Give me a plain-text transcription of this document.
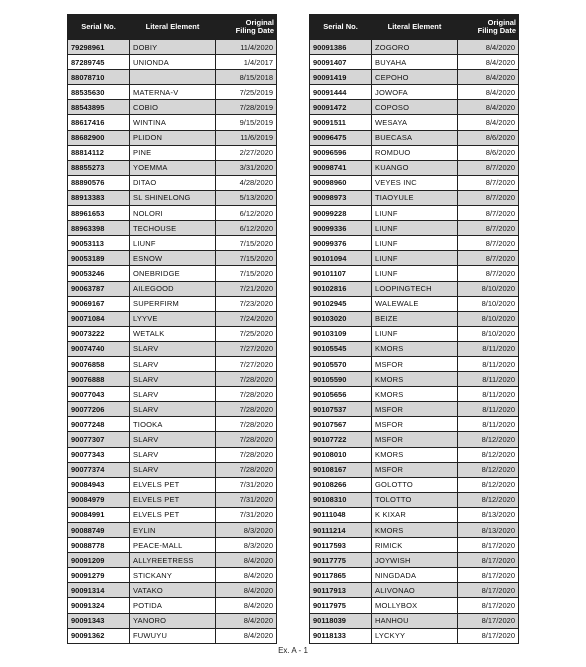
Serial No.	Literal Element	Original
Filing Date
79298961	DOBIY	11/4/2020
87289745	UNIONDA	1/4/2017
88078710		8/15/2018
88535630	MATERNA-V	7/25/2019
88543895	COBIO	7/28/2019
88617416	WINTINA	9/15/2019
88682900	PLIDON	11/6/2019
88814112	PINE	2/27/2020
88855273	YOEMMA	3/31/2020
88890576	DITAO	4/28/2020
88913383	SL SHINELONG	5/13/2020
88961653	NOLORI	6/12/2020
88963398	TECHOUSE	6/12/2020
90053113	LIUNF	7/15/2020
90053189	ESNOW	7/15/2020
90053246	ONEBRIDGE	7/15/2020
90063787	AILEGOOD	7/21/2020
90069167	SUPERFIRM	7/23/2020
90071084	LYYVE	7/24/2020
90073222	WETALK	7/25/2020
90074740	SLARV	7/27/2020
90076858	SLARV	7/27/2020
90076888	SLARV	7/28/2020
90077043	SLARV	7/28/2020
90077206	SLARV	7/28/2020
90077248	TIOOKA	7/28/2020
90077307	SLARV	7/28/2020
90077343	SLARV	7/28/2020
90077374	SLARV	7/28/2020
90084943	ELVELS PET	7/31/2020
90084979	ELVELS PET	7/31/2020
90084991	ELVELS PET	7/31/2020
90088749	EYLIN	8/3/2020
90088778	PEACE-MALL	8/3/2020
90091209	ALLYREETRESS	8/4/2020
90091279	STICKANY	8/4/2020
90091314	VATAKO	8/4/2020
90091324	POTIDA	8/4/2020
90091343	YANORO	8/4/2020
90091362	FUWUYU	8/4/2020
Serial No.	Literal Element	Original
Filing Date
90091386	ZOGORO	8/4/2020
90091407	BUYAHA	8/4/2020
90091419	CEPOHO	8/4/2020
90091444	JOWOFA	8/4/2020
90091472	COPOSO	8/4/2020
90091511	WESAYA	8/4/2020
90096475	BUECASA	8/6/2020
90096596	ROMDUO	8/6/2020
90098741	KUANGO	8/7/2020
90098960	VEYES INC	8/7/2020
90098973	TIAOYULE	8/7/2020
90099228	LIUNF	8/7/2020
90099336	LIUNF	8/7/2020
90099376	LIUNF	8/7/2020
90101094	LIUNF	8/7/2020
90101107	LIUNF	8/7/2020
90102816	LOOPINGTECH	8/10/2020
90102945	WALEWALE	8/10/2020
90103020	BEIZE	8/10/2020
90103109	LIUNF	8/10/2020
90105545	KMORS	8/11/2020
90105570	MSFOR	8/11/2020
90105590	KMORS	8/11/2020
90105656	KMORS	8/11/2020
90107537	MSFOR	8/11/2020
90107567	MSFOR	8/11/2020
90107722	MSFOR	8/12/2020
90108010	KMORS	8/12/2020
90108167	MSFOR	8/12/2020
90108266	GOLOTTO	8/12/2020
90108310	TOLOTTO	8/12/2020
90111048	K KIXAR	8/13/2020
90111214	KMORS	8/13/2020
90117593	RIMICK	8/17/2020
90117775	JOYWISH	8/17/2020
90117865	NINGDADA	8/17/2020
90117913	ALIVONAO	8/17/2020
90117975	MOLLYBOX	8/17/2020
90118039	HANHOU	8/17/2020
90118133	LYCKYY	8/17/2020
Ex. A - 1
